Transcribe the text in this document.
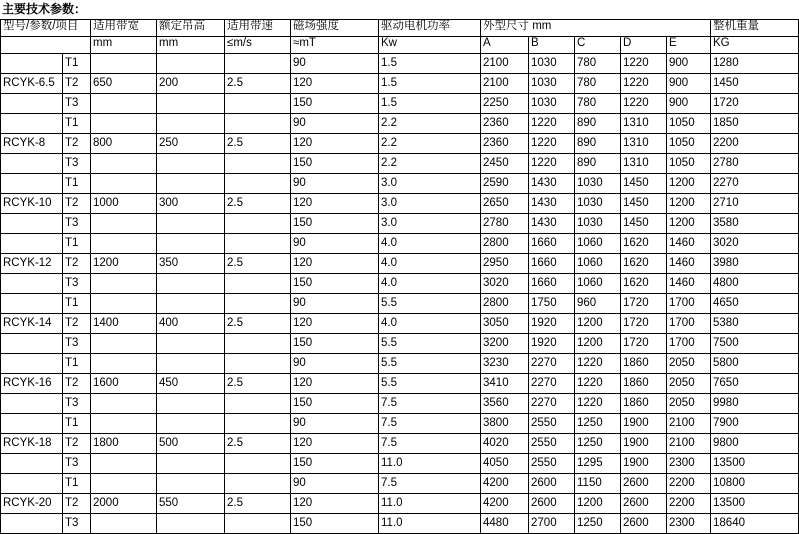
主要技术参数：
型号/参数/项目		适用带宽	额定吊高	适用带速	磁场强度	驱动电机功率	外型尺寸 mm					整机重量
		mm	mm	≤m/s	≈mT	Kw	A	B	C	D	E	KG
	T1				90	1.5	2100	1030	780	1220	900	1280
RCYK-6.5	T2	650	200	2.5	120	1.5	2100	1030	780	1220	900	1450
	T3				150	1.5	2250	1030	780	1220	900	1720
	T1				90	2.2	2360	1220	890	1310	1050	1850
RCYK-8	T2	800	250	2.5	120	2.2	2360	1220	890	1310	1050	2200
	T3				150	2.2	2450	1220	890	1310	1050	2780
	T1				90	3.0	2590	1430	1030	1450	1200	2270
RCYK-10	T2	1000	300	2.5	120	3.0	2650	1430	1030	1450	1200	2710
	T3				150	3.0	2780	1430	1030	1450	1200	3580
	T1				90	4.0	2800	1660	1060	1620	1460	3020
RCYK-12	T2	1200	350	2.5	120	4.0	2950	1660	1060	1620	1460	3980
	T3				150	4.0	3020	1660	1060	1620	1460	4800
	T1				90	5.5	2800	1750	960	1720	1700	4650
RCYK-14	T2	1400	400	2.5	120	4.0	3050	1920	1200	1720	1700	5380
	T3				150	5.5	3200	1920	1200	1720	1700	7500
	T1				90	5.5	3230	2270	1220	1860	2050	5800
RCYK-16	T2	1600	450	2.5	120	5.5	3410	2270	1220	1860	2050	7650
	T3				150	7.5	3560	2270	1220	1860	2050	9980
	T1				90	7.5	3800	2550	1250	1900	2100	7900
RCYK-18	T2	1800	500	2.5	120	7.5	4020	2550	1250	1900	2100	9800
	T3				150	11.0	4050	2550	1295	1900	2300	13500
	T1				90	7.5	4200	2600	1150	2600	2200	10800
RCYK-20	T2	2000	550	2.5	120	11.0	4200	2600	1200	2600	2200	13500
	T3				150	11.0	4480	2700	1250	2600	2300	18640
